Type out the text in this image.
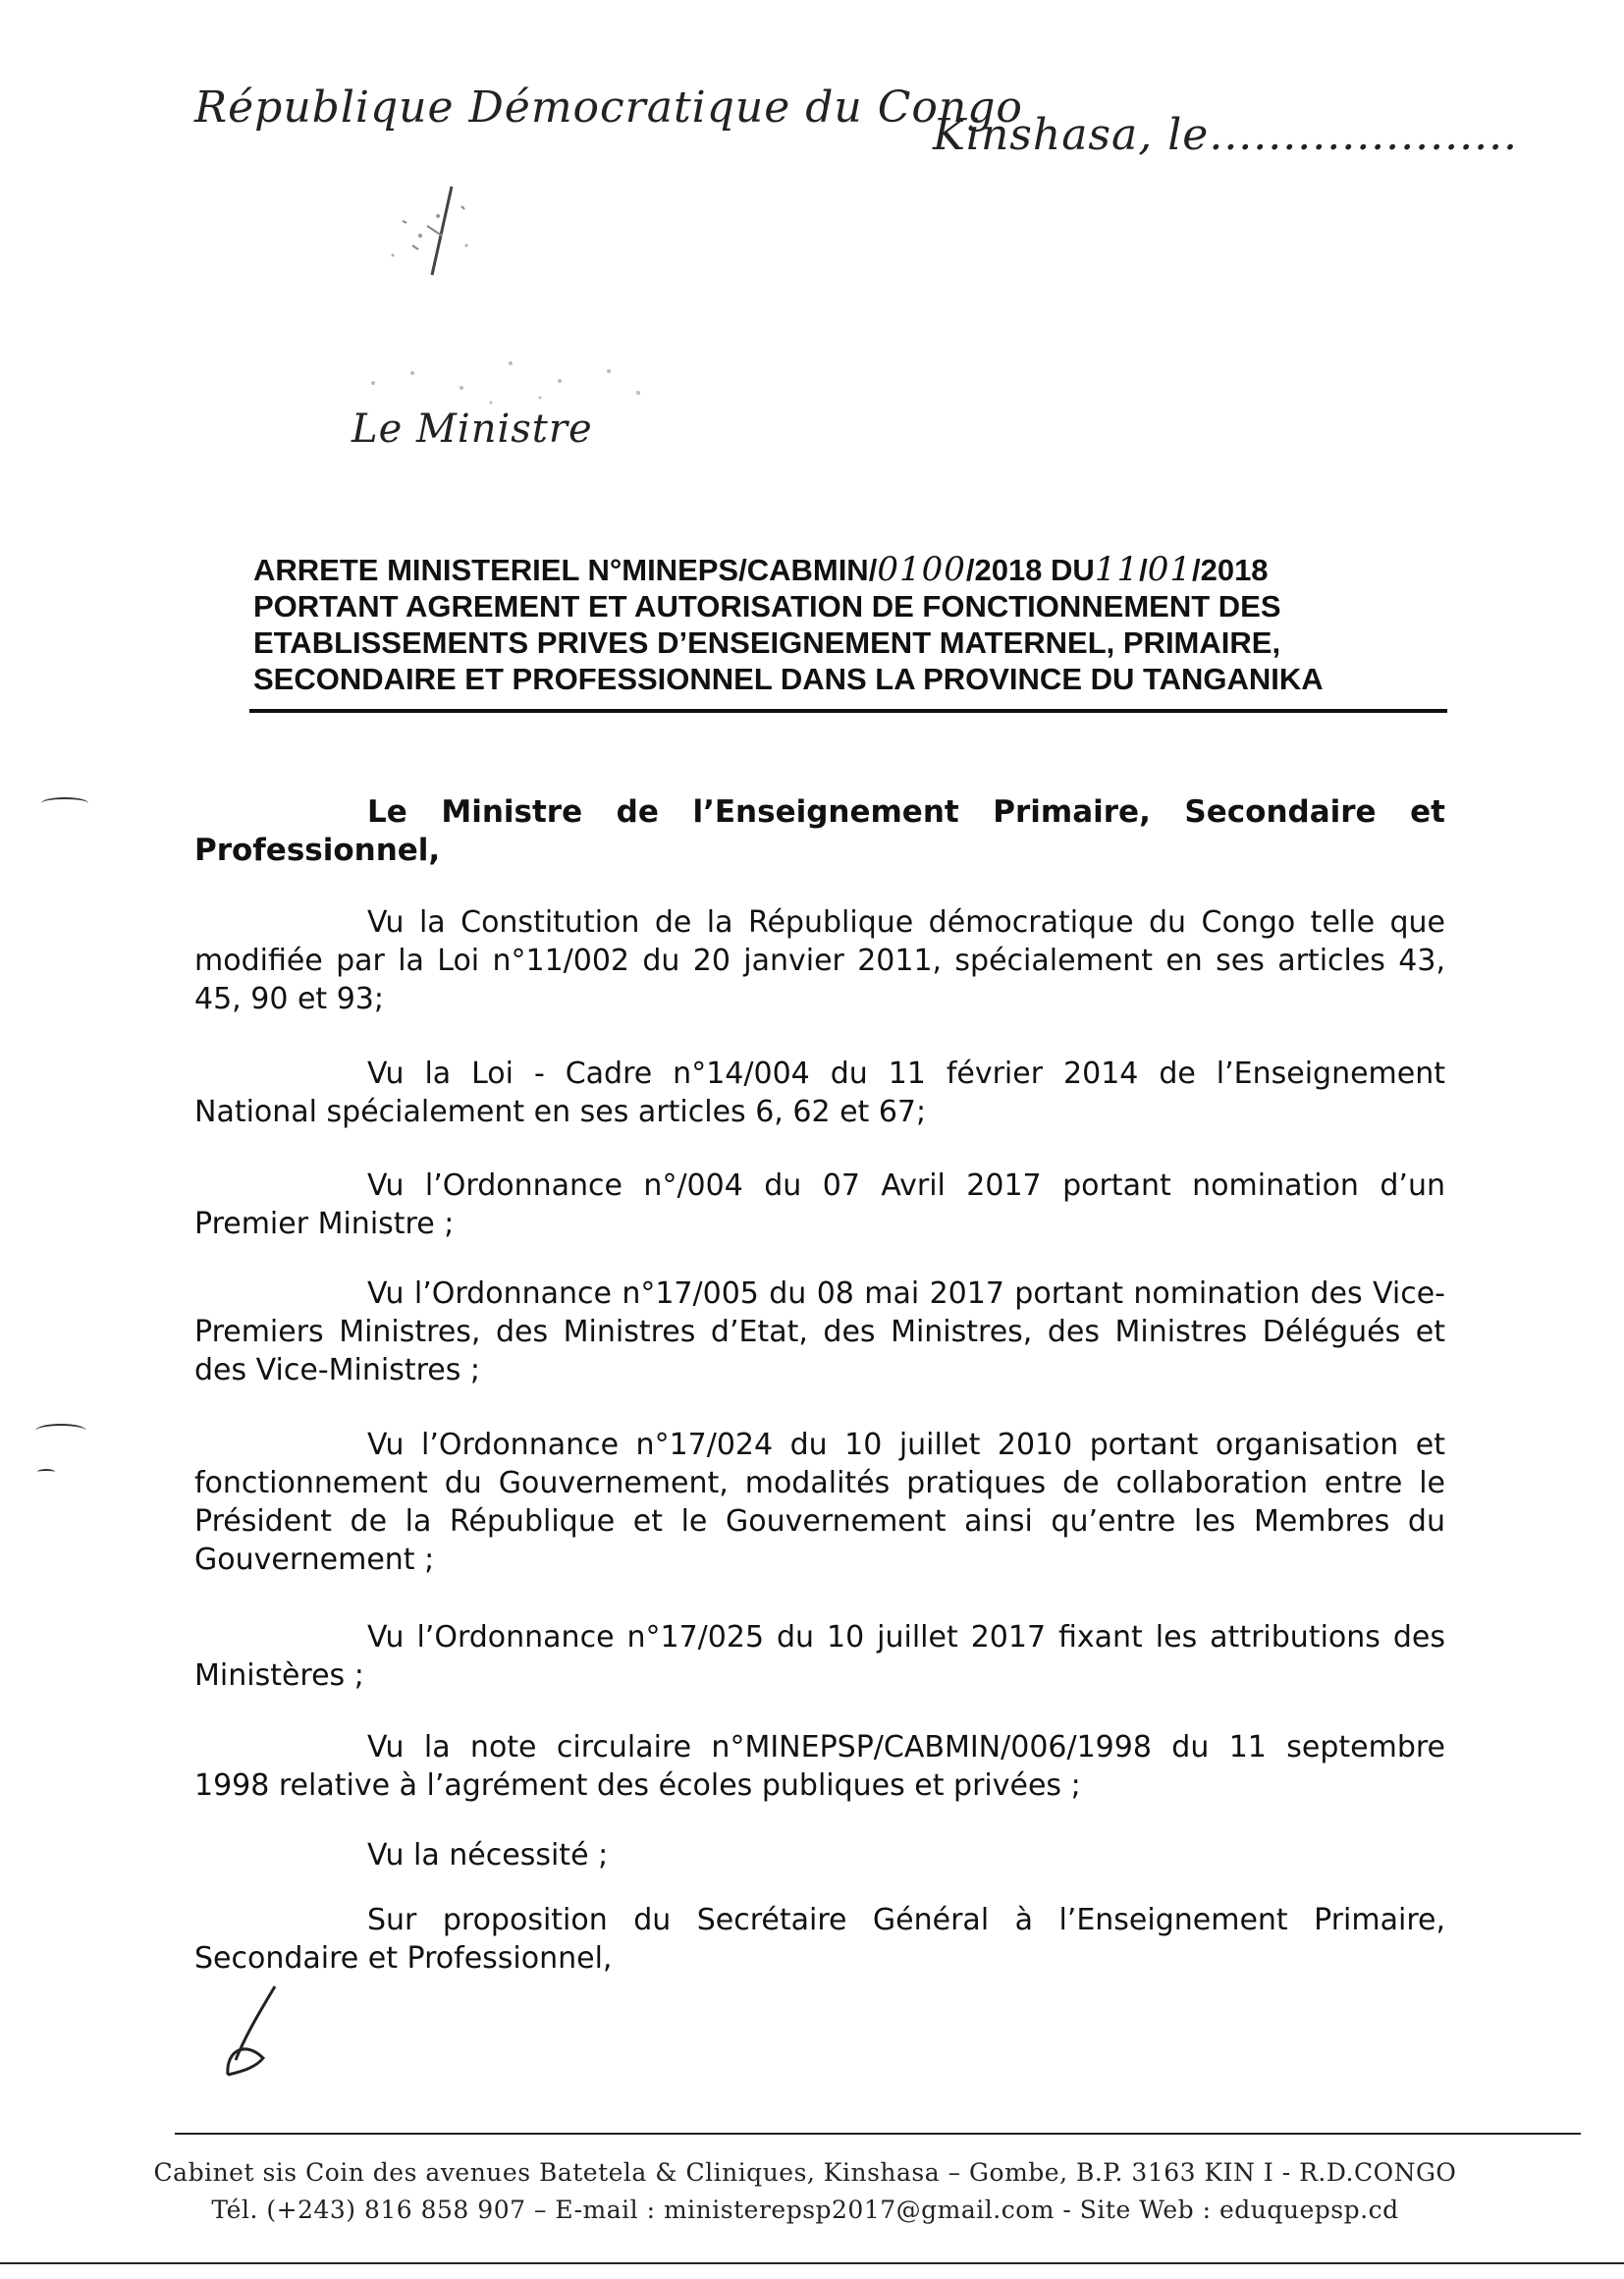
République Démocratique du Congo
Kinshasa, le.....................
Le Ministre
ARRETE MINISTERIEL N°MINEPS/CABMIN/0100/2018 DU11/01/2018
PORTANT AGREMENT ET AUTORISATION DE FONCTIONNEMENT DES
ETABLISSEMENTS PRIVES D’ENSEIGNEMENT MATERNEL, PRIMAIRE,
SECONDAIRE ET PROFESSIONNEL DANS LA PROVINCE DU TANGANIKA
Le Ministre de l’Enseignement Primaire, Secondaire et Professionnel,
Vu la Constitution de la République démocratique du Congo telle que modifiée par la Loi n°11/002 du 20 janvier 2011, spécialement en ses articles 43, 45, 90 et 93;
Vu la Loi - Cadre n°14/004 du 11 février 2014 de l’Enseignement National spécialement en ses articles 6, 62 et 67;
Vu l’Ordonnance n°/004 du 07 Avril 2017 portant nomination d’un Premier Ministre ;
Vu l’Ordonnance n°17/005 du 08 mai 2017 portant nomination des Vice-Premiers Ministres, des Ministres d’Etat, des Ministres, des Ministres Délégués et des Vice-Ministres ;
Vu l’Ordonnance n°17/024 du 10 juillet 2010 portant organisation et fonctionnement du Gouvernement, modalités pratiques de collaboration entre le Président de la République et le Gouvernement ainsi qu’entre les Membres du Gouvernement ;
Vu l’Ordonnance n°17/025 du 10 juillet 2017 fixant les attributions des Ministères ;
Vu la note circulaire n°MINEPSP/CABMIN/006/1998 du 11 septembre 1998 relative à l’agrément des écoles publiques et privées ;
Vu la nécessité ;
Sur proposition du Secrétaire Général à l’Enseignement Primaire, Secondaire et Professionnel,
Cabinet sis Coin des avenues Batetela & Cliniques, Kinshasa – Gombe, B.P. 3163 KIN I - R.D.CONGO
Tél. (+243) 816 858 907 – E-mail : ministerepsp2017@gmail.com - Site Web : eduquepsp.cd
